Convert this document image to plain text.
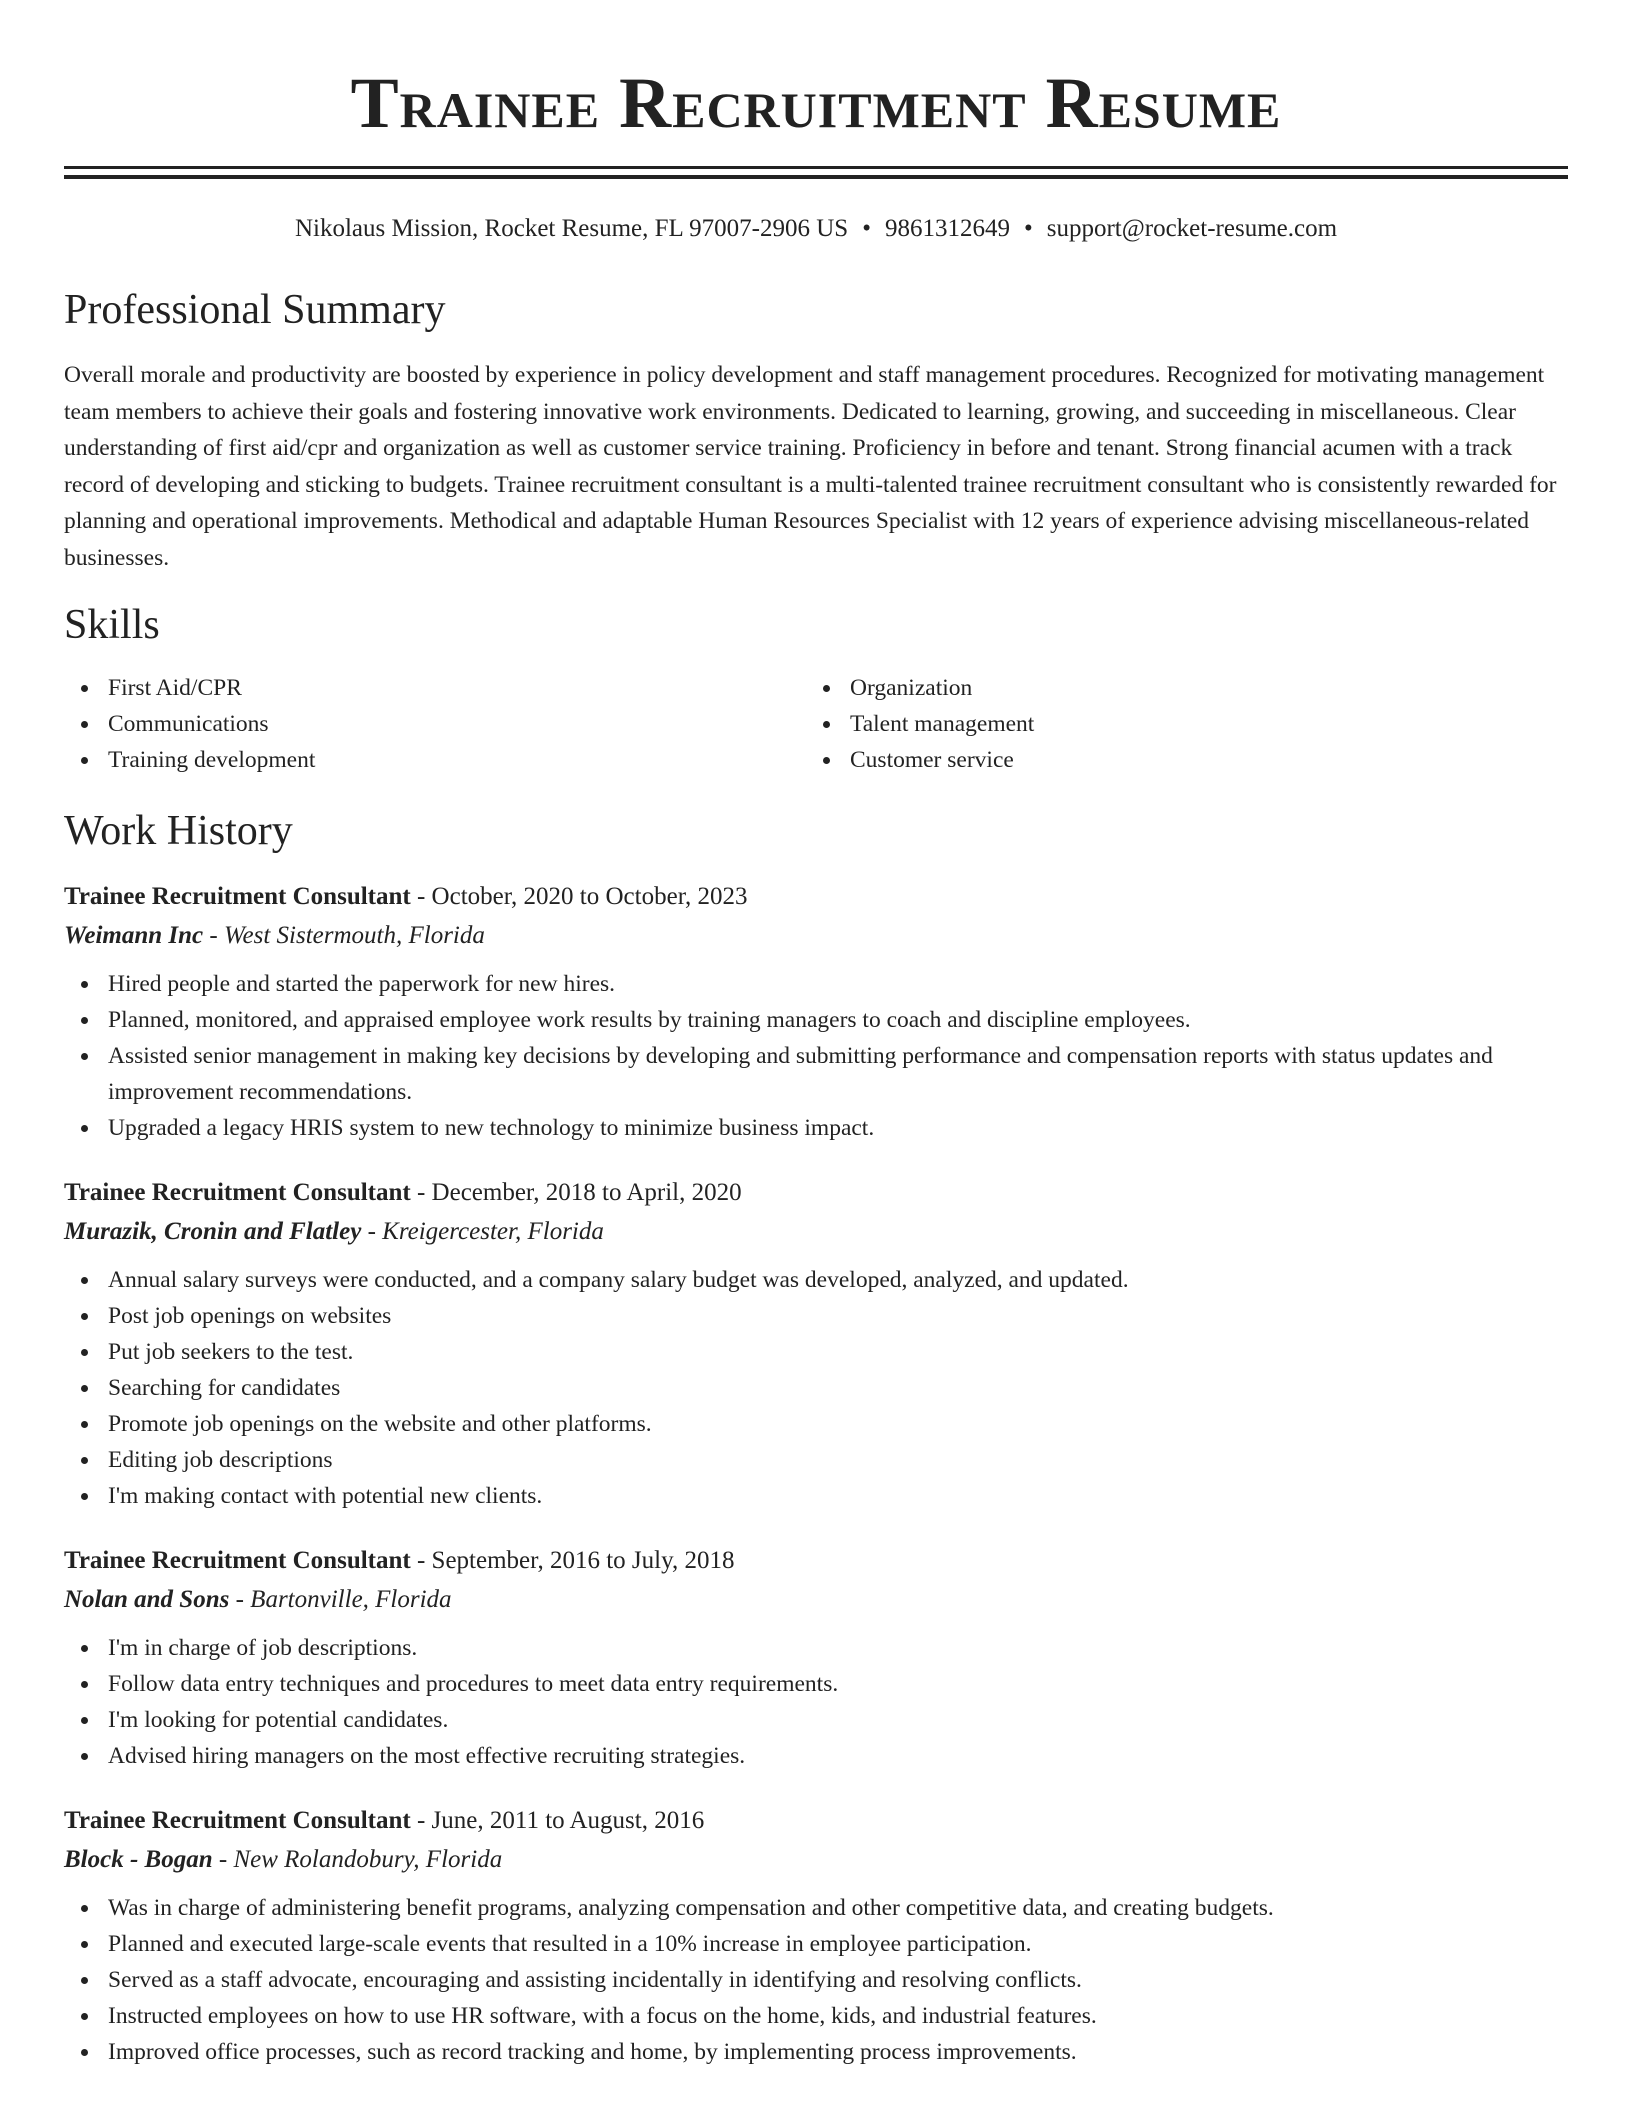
Trainee Recruitment Resume
Nikolaus Mission, Rocket Resume, FL 97007-2906 US • 9861312649 • support@rocket-resume.com
Professional Summary

Overall morale and productivity are boosted by experience in policy development and staff management procedures. Recognized for motivating management team members to achieve their goals and fostering innovative work environments. Dedicated to learning, growing, and succeeding in miscellaneous. Clear understanding of first aid/cpr and organization as well as customer service training. Proficiency in before and tenant. Strong financial acumen with a track record of developing and sticking to budgets. Trainee recruitment consultant is a multi-talented trainee recruitment consultant who is consistently rewarded for planning and operational improvements. Methodical and adaptable Human Resources Specialist with 12 years of experience advising miscellaneous-related businesses.

Skills
First Aid/CPR
Communications
Training development
Organization
Talent management
Customer service
Work History
Trainee Recruitment Consultant - October, 2020 to October, 2023
Weimann Inc - West Sistermouth, Florida
Hired people and started the paperwork for new hires.
Planned, monitored, and appraised employee work results by training managers to coach and discipline employees.
Assisted senior management in making key decisions by developing and submitting performance and compensation reports with status updates and improvement recommendations.
Upgraded a legacy HRIS system to new technology to minimize business impact.
Trainee Recruitment Consultant - December, 2018 to April, 2020
Murazik, Cronin and Flatley - Kreigercester, Florida
Annual salary surveys were conducted, and a company salary budget was developed, analyzed, and updated.
Post job openings on websites
Put job seekers to the test.
Searching for candidates
Promote job openings on the website and other platforms.
Editing job descriptions
I'm making contact with potential new clients.
Trainee Recruitment Consultant - September, 2016 to July, 2018
Nolan and Sons - Bartonville, Florida
I'm in charge of job descriptions.
Follow data entry techniques and procedures to meet data entry requirements.
I'm looking for potential candidates.
Advised hiring managers on the most effective recruiting strategies.
Trainee Recruitment Consultant - June, 2011 to August, 2016
Block - Bogan - New Rolandobury, Florida
Was in charge of administering benefit programs, analyzing compensation and other competitive data, and creating budgets.
Planned and executed large-scale events that resulted in a 10% increase in employee participation.
Served as a staff advocate, encouraging and assisting incidentally in identifying and resolving conflicts.
Instructed employees on how to use HR software, with a focus on the home, kids, and industrial features.
Improved office processes, such as record tracking and home, by implementing process improvements.
